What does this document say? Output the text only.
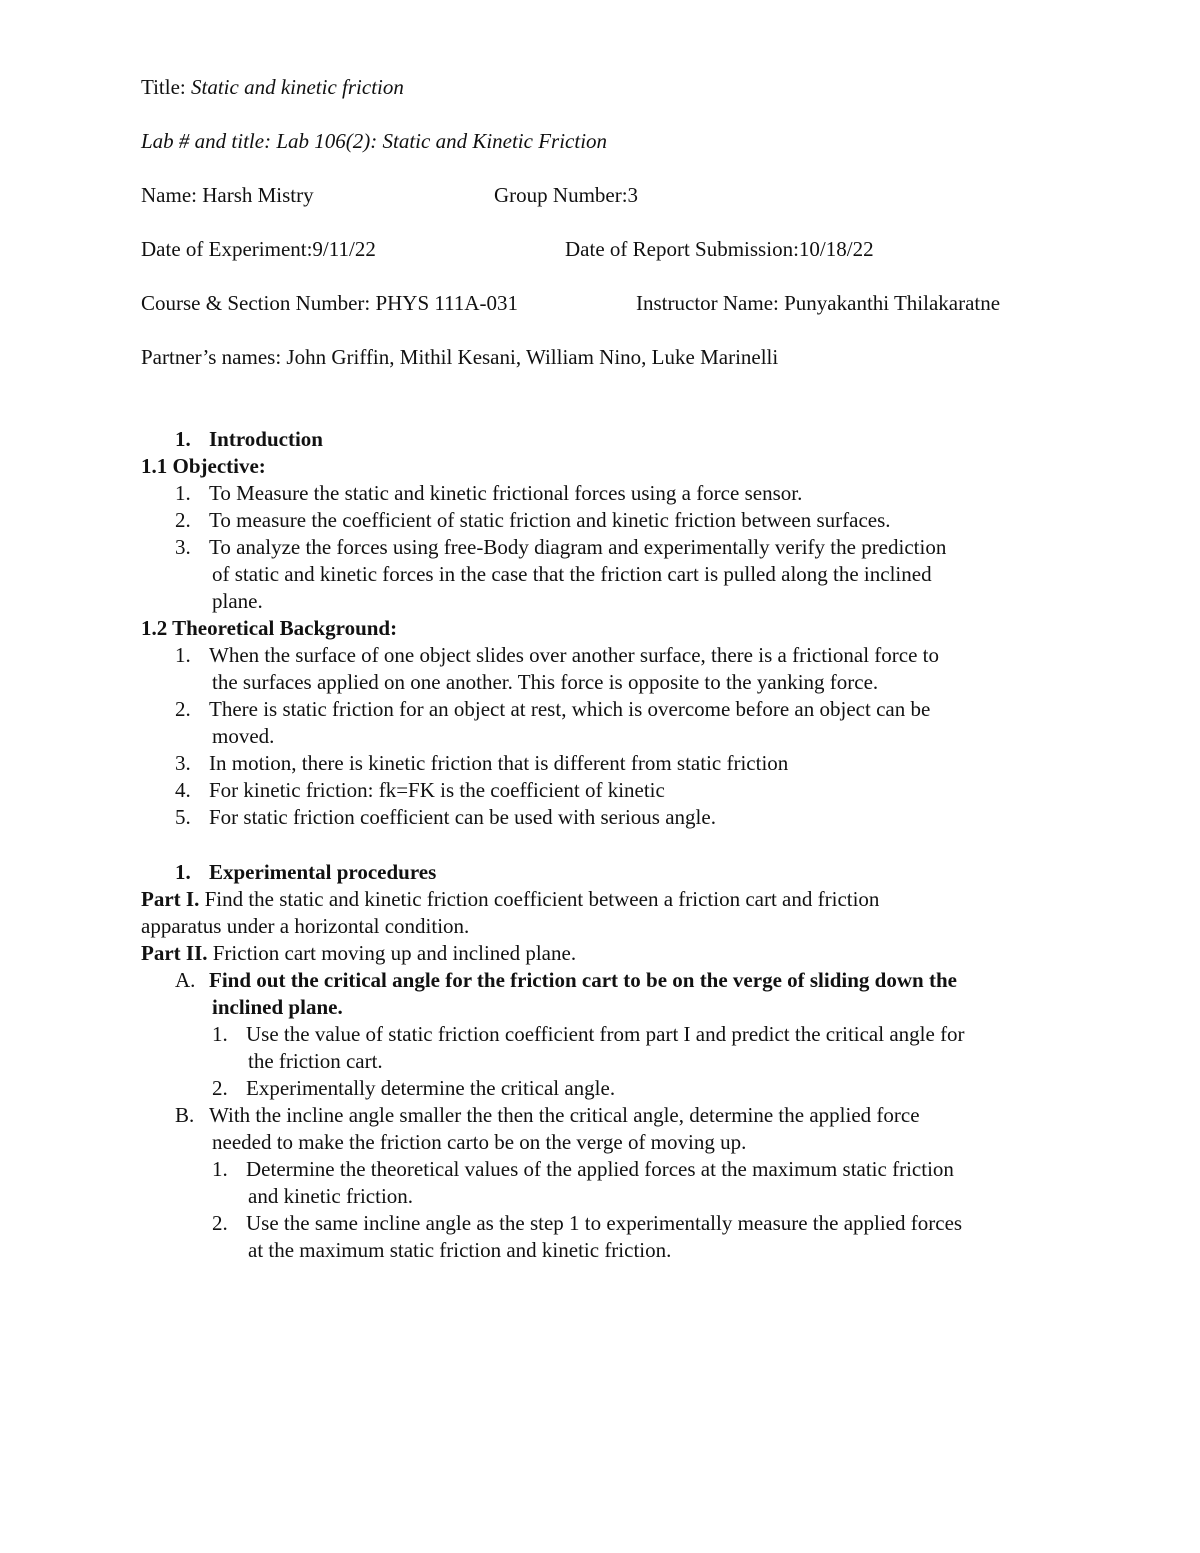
Title: Static and kinetic friction
Lab # and title: Lab 106(2): Static and Kinetic Friction
Name: Harsh Mistry	Group Number:3
Date of Experiment:9/11/22	Date of Report Submission:10/18/22
Course & Section Number: PHYS 111A-031	Instructor Name: Punyakanthi Thilakaratne
Partner’s names: John Griffin, Mithil Kesani, William Nino, Luke Marinelli
1. Introduction
1.1 Objective:
1. To Measure the static and kinetic frictional forces using a force sensor.
2. To measure the coefficient of static friction and kinetic friction between surfaces.
3. To analyze the forces using free-Body diagram and experimentally verify the prediction
of static and kinetic forces in the case that the friction cart is pulled along the inclined
plane.
1.2 Theoretical Background:
1. When the surface of one object slides over another surface, there is a frictional force to
the surfaces applied on one another. This force is opposite to the yanking force.
2. There is static friction for an object at rest, which is overcome before an object can be
moved.
3. In motion, there is kinetic friction that is different from static friction
4. For kinetic friction: fk=FK is the coefficient of kinetic
5. For static friction coefficient can be used with serious angle.
1. Experimental procedures
Part I. Find the static and kinetic friction coefficient between a friction cart and friction
apparatus under a horizontal condition.
Part II. Friction cart moving up and inclined plane.
A. Find out the critical angle for the friction cart to be on the verge of sliding down the
inclined plane.
1. Use the value of static friction coefficient from part I and predict the critical angle for
the friction cart.
2. Experimentally determine the critical angle.
B. With the incline angle smaller the then the critical angle, determine the applied force
needed to make the friction carto be on the verge of moving up.
1. Determine the theoretical values of the applied forces at the maximum static friction
and kinetic friction.
2. Use the same incline angle as the step 1 to experimentally measure the applied forces
at the maximum static friction and kinetic friction.
